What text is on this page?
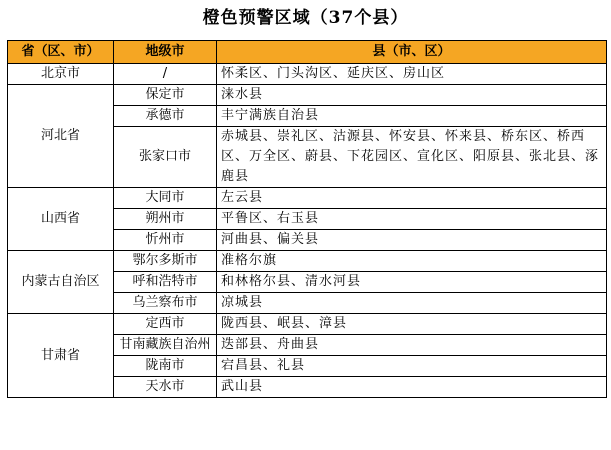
橙色预警区域（37个县）
省（区、市）	地级市	县（市、区）
北京市	/	怀柔区、门头沟区、延庆区、房山区
河北省	保定市	涞水县
	承德市	丰宁满族自治县
	张家口市	赤城县、崇礼区、沽源县、怀安县、怀来县、桥东区、桥西区、万全区、蔚县、下花园区、宣化区、阳原县、张北县、涿鹿县
山西省	大同市	左云县
	朔州市	平鲁区、右玉县
	忻州市	河曲县、偏关县
内蒙古自治区	鄂尔多斯市	准格尔旗
	呼和浩特市	和林格尔县、清水河县
	乌兰察布市	凉城县
甘肃省	定西市	陇西县、岷县、漳县
	甘南藏族自治州	迭部县、舟曲县
	陇南市	宕昌县、礼县
	天水市	武山县
